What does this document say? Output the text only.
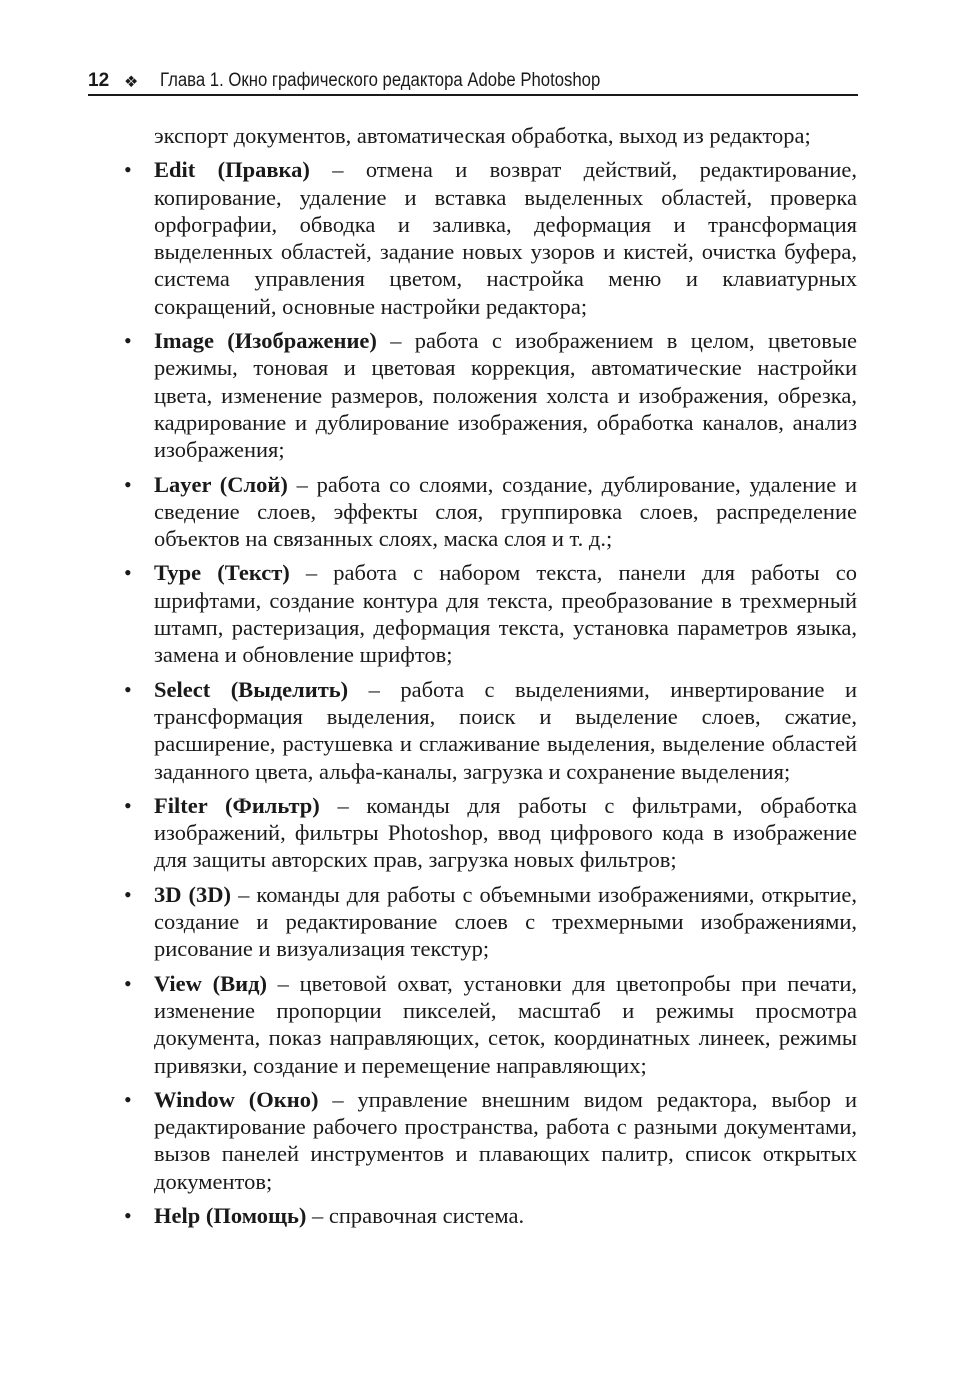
12 ❖	Глава 1. Окно графического редактора Adobe Photoshop

экспорт документов, автоматическая обработка, выход из редактора;

• Edit (Правка) – отмена и возврат действий, редактирование, копирование, удаление и вставка выделенных областей, проверка орфографии, обводка и заливка, деформация и трансформация выделенных областей, задание новых узоров и кистей, очистка буфера, система управления цветом, настройка меню и клавиатурных сокращений, основные настройки редактора;
• Image (Изображение) – работа с изображением в целом, цветовые режимы, тоновая и цветовая коррекция, автоматические настройки цвета, изменение размеров, положения холста и изображения, обрезка, кадрирование и дублирование изображения, обработка каналов, анализ изображения;
• Layer (Слой) – работа со слоями, создание, дублирование, удаление и сведение слоев, эффекты слоя, группировка слоев, распределение объектов на связанных слоях, маска слоя и т. д.;
• Type (Текст) – работа с набором текста, панели для работы со шрифтами, создание контура для текста, преобразование в трехмерный штамп, растеризация, деформация текста, установка параметров языка, замена и обновление шрифтов;
• Select (Выделить) – работа с выделениями, инвертирование и трансформация выделения, поиск и выделение слоев, сжатие, расширение, растушевка и сглаживание выделения, выделение областей заданного цвета, альфа-каналы, загрузка и сохранение выделения;
• Filter (Фильтр) – команды для работы с фильтрами, обработка изображений, фильтры Photoshop, ввод цифрового кода в изображение для защиты авторских прав, загрузка новых фильтров;
• 3D (3D) – команды для работы с объемными изображениями, открытие, создание и редактирование слоев с трехмерными изображениями, рисование и визуализация текстур;
• View (Вид) – цветовой охват, установки для цветопробы при печати, изменение пропорции пикселей, масштаб и режимы просмотра документа, показ направляющих, сеток, координатных линеек, режимы привязки, создание и перемещение направляющих;
• Window (Окно) – управление внешним видом редактора, выбор и редактирование рабочего пространства, работа с разными документами, вызов панелей инструментов и плавающих палитр, список открытых документов;
• Help (Помощь) – справочная система.
